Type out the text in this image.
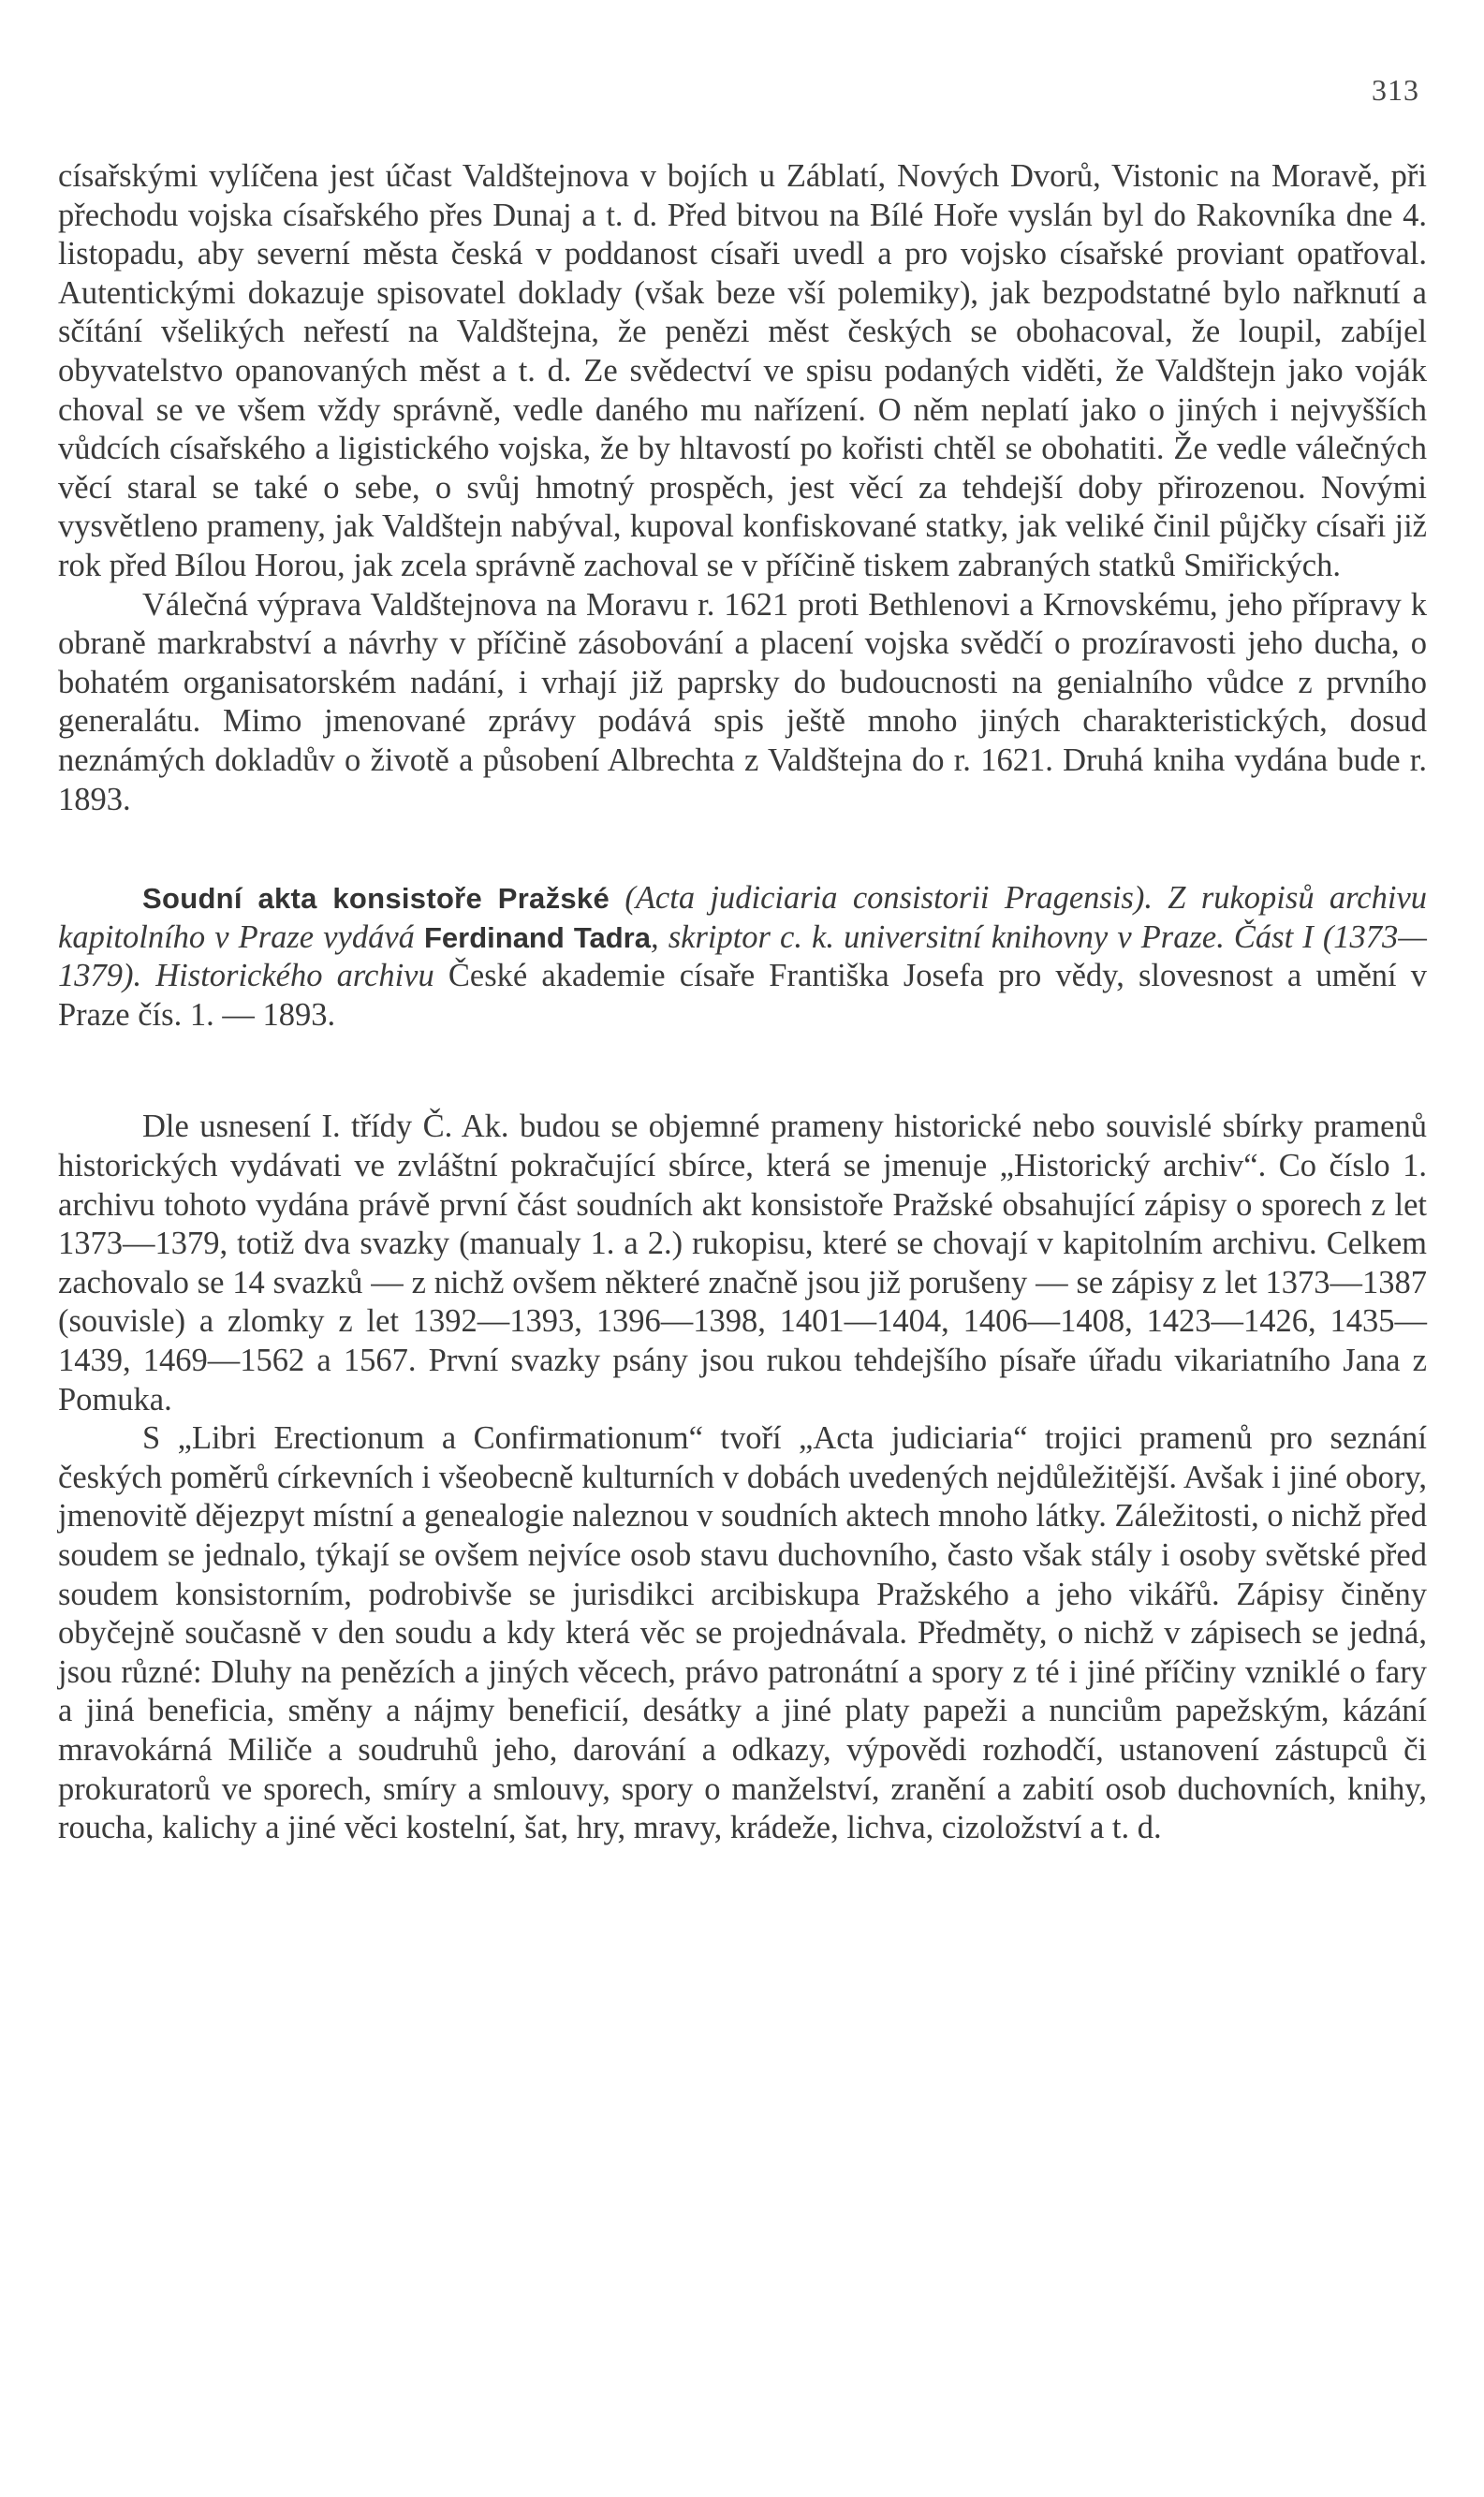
313

císařskými vylíčena jest účast Valdštejnova v bojích u Záblatí, Nových Dvorů, Vistonic na Moravě, při přechodu vojska císařského přes Dunaj a t. d. Před bitvou na Bílé Hoře vyslán byl do Rakovníka dne 4. listopadu, aby severní města česká v poddanost císaři uvedl a pro vojsko císařské proviant opatřoval. Autentickými dokazuje spisovatel doklady (však beze vší polemiky), jak bezpodstatné bylo nařknutí a sčítání všelikých neřestí na Valdštejna, že penězi měst českých se obohacoval, že loupil, zabíjel obyvatelstvo opanovaných měst a t. d. Ze svědectví ve spisu podaných viděti, že Valdštejn jako voják choval se ve všem vždy správně, vedle daného mu nařízení. O něm neplatí jako o jiných i nejvyšších vůdcích císařského a ligistického vojska, že by hltavostí po kořisti chtěl se obohatiti. Že vedle válečných věcí staral se také o sebe, o svůj hmotný prospěch, jest věcí za tehdejší doby přirozenou. Novými vysvětleno prameny, jak Valdštejn nabýval, kupoval konfiskované statky, jak veliké činil půjčky císaři již rok před Bílou Horou, jak zcela správně zachoval se v příčině tiskem zabraných statků Smiřických.

Válečná výprava Valdštejnova na Moravu r. 1621 proti Bethlenovi a Krnovskému, jeho přípravy k obraně markrabství a návrhy v příčině zásobování a placení vojska svědčí o prozíravosti jeho ducha, o bohatém organisatorském nadání, i vrhají již paprsky do budoucnosti na genialního vůdce z prvního generalátu. Mimo jmenované zprávy podává spis ještě mnoho jiných charakteristických, dosud neznámých dokladův o životě a působení Albrechta z Valdštejna do r. 1621. Druhá kniha vydána bude r. 1893.

Soudní akta konsistoře Pražské (Acta judiciaria consistorii Pragensis). Z rukopisů archivu kapitolního v Praze vydává Ferdinand Tadra, skriptor c. k. universitní knihovny v Praze. Část I (1373—1379). Historického archivu České akademie císaře Františka Josefa pro vědy, slovesnost a umění v Praze čís. 1. — 1893.

Dle usnesení I. třídy Č. Ak. budou se objemné prameny historické nebo souvislé sbírky pramenů historických vydávati ve zvláštní pokračující sbírce, která se jmenuje „Historický archiv“. Co číslo 1. archivu tohoto vydána právě první část soudních akt konsistoře Pražské obsahující zápisy o sporech z let 1373—1379, totiž dva svazky (manualy 1. a 2.) rukopisu, které se chovají v kapitolním archivu. Celkem zachovalo se 14 svazků — z nichž ovšem některé značně jsou již porušeny — se zápisy z let 1373—1387 (souvisle) a zlomky z let 1392—1393, 1396—1398, 1401—1404, 1406—1408, 1423—1426, 1435—1439, 1469—1562 a 1567. První svazky psány jsou rukou tehdejšího písaře úřadu vikariatního Jana z Pomuka.

S „Libri Erectionum a Confirmationum“ tvoří „Acta judiciaria“ trojici pramenů pro seznání českých poměrů církevních i všeobecně kulturních v dobách uvedených nejdůležitější. Avšak i jiné obory, jmenovitě dějezpyt místní a genealogie naleznou v soudních aktech mnoho látky. Záležitosti, o nichž před soudem se jednalo, týkají se ovšem nejvíce osob stavu duchovního, často však stály i osoby světské před soudem konsistorním, podrobivše se jurisdikci arcibiskupa Pražského a jeho vikářů. Zápisy činěny obyčejně současně v den soudu a kdy která věc se projednávala. Předměty, o nichž v zápisech se jedná, jsou různé: Dluhy na penězích a jiných věcech, právo patronátní a spory z té i jiné příčiny vzniklé o fary a jiná beneficia, směny a nájmy beneficií, desátky a jiné platy papeži a nunciům papežským, kázání mravokárná Miliče a soudruhů jeho, darování a odkazy, výpovědi rozhodčí, ustanovení zástupců či prokuratorů ve sporech, smíry a smlouvy, spory o manželství, zranění a zabití osob duchovních, knihy, roucha, kalichy a jiné věci kostelní, šat, hry, mravy, krádeže, lichva, cizoložství a t. d.
